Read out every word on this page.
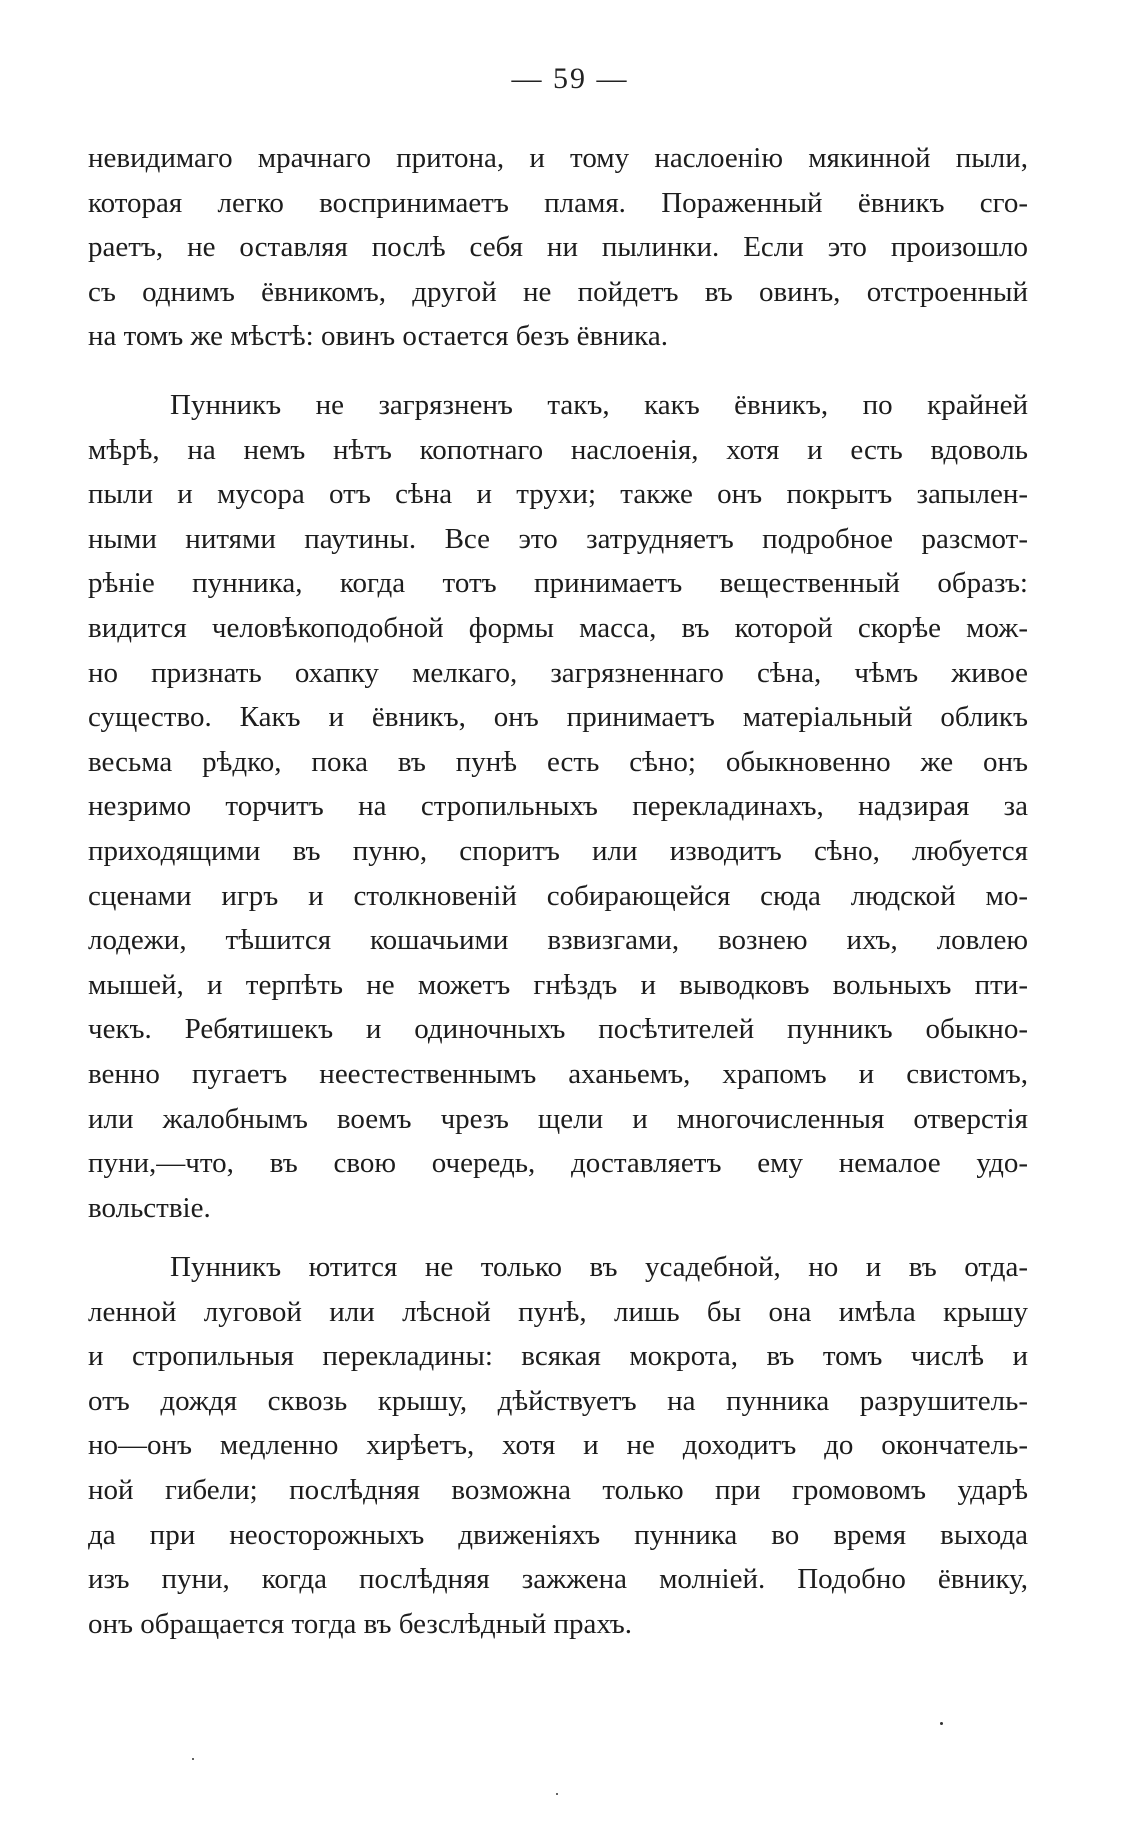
— 59 —
невидимаго мрачнаго притона, и тому наслоенію мякинной пыли,
которая легко воспринимаетъ пламя. Пораженный ёвникъ сго-
раетъ, не оставляя послѣ себя ни пылинки. Если это произошло
съ однимъ ёвникомъ, другой не пойдетъ въ овинъ, отстроенный
на томъ же мѣстѣ: овинъ остается безъ ёвника.
Пунникъ не загрязненъ такъ, какъ ёвникъ, по крайней
мѣрѣ, на немъ нѣтъ копотнаго наслоенія, хотя и есть вдоволь
пыли и мусора отъ сѣна и трухи; также онъ покрытъ запылен-
ными нитями паутины. Все это затрудняетъ подробное разсмот-
рѣніе пунника, когда тотъ принимаетъ вещественный образъ:
видится человѣкоподобной формы масса, въ которой скорѣе мож-
но признать охапку мелкаго, загрязненнаго сѣна, чѣмъ живое
существо. Какъ и ёвникъ, онъ принимаетъ матеріальный обликъ
весьма рѣдко, пока въ пунѣ есть сѣно; обыкновенно же онъ
незримо торчитъ на стропильныхъ перекладинахъ, надзирая за
приходящими въ пуню, споритъ или изводитъ сѣно, любуется
сценами игръ и столкновеній собирающейся сюда людской мо-
лодежи, тѣшится кошачьими взвизгами, вознею ихъ, ловлею
мышей, и терпѣть не можетъ гнѣздъ и выводковъ вольныхъ пти-
чекъ. Ребятишекъ и одиночныхъ посѣтителей пунникъ обыкно-
венно пугаетъ неестественнымъ аханьемъ, храпомъ и свистомъ,
или жалобнымъ воемъ чрезъ щели и многочисленныя отверстія
пуни,—что, въ свою очередь, доставляетъ ему немалое удо-
вольствіе.
Пунникъ ютится не только въ усадебной, но и въ отда-
ленной луговой или лѣсной пунѣ, лишь бы она имѣла крышу
и стропильныя перекладины: всякая мокрота, въ томъ числѣ и
отъ дождя сквозь крышу, дѣйствуетъ на пунника разрушитель-
но—онъ медленно хирѣетъ, хотя и не доходитъ до окончатель-
ной гибели; послѣдняя возможна только при громовомъ ударѣ
да при неосторожныхъ движеніяхъ пунника во время выхода
изъ пуни, когда послѣдняя зажжена молніей. Подобно ёвнику,
онъ обращается тогда въ безслѣдный прахъ.
